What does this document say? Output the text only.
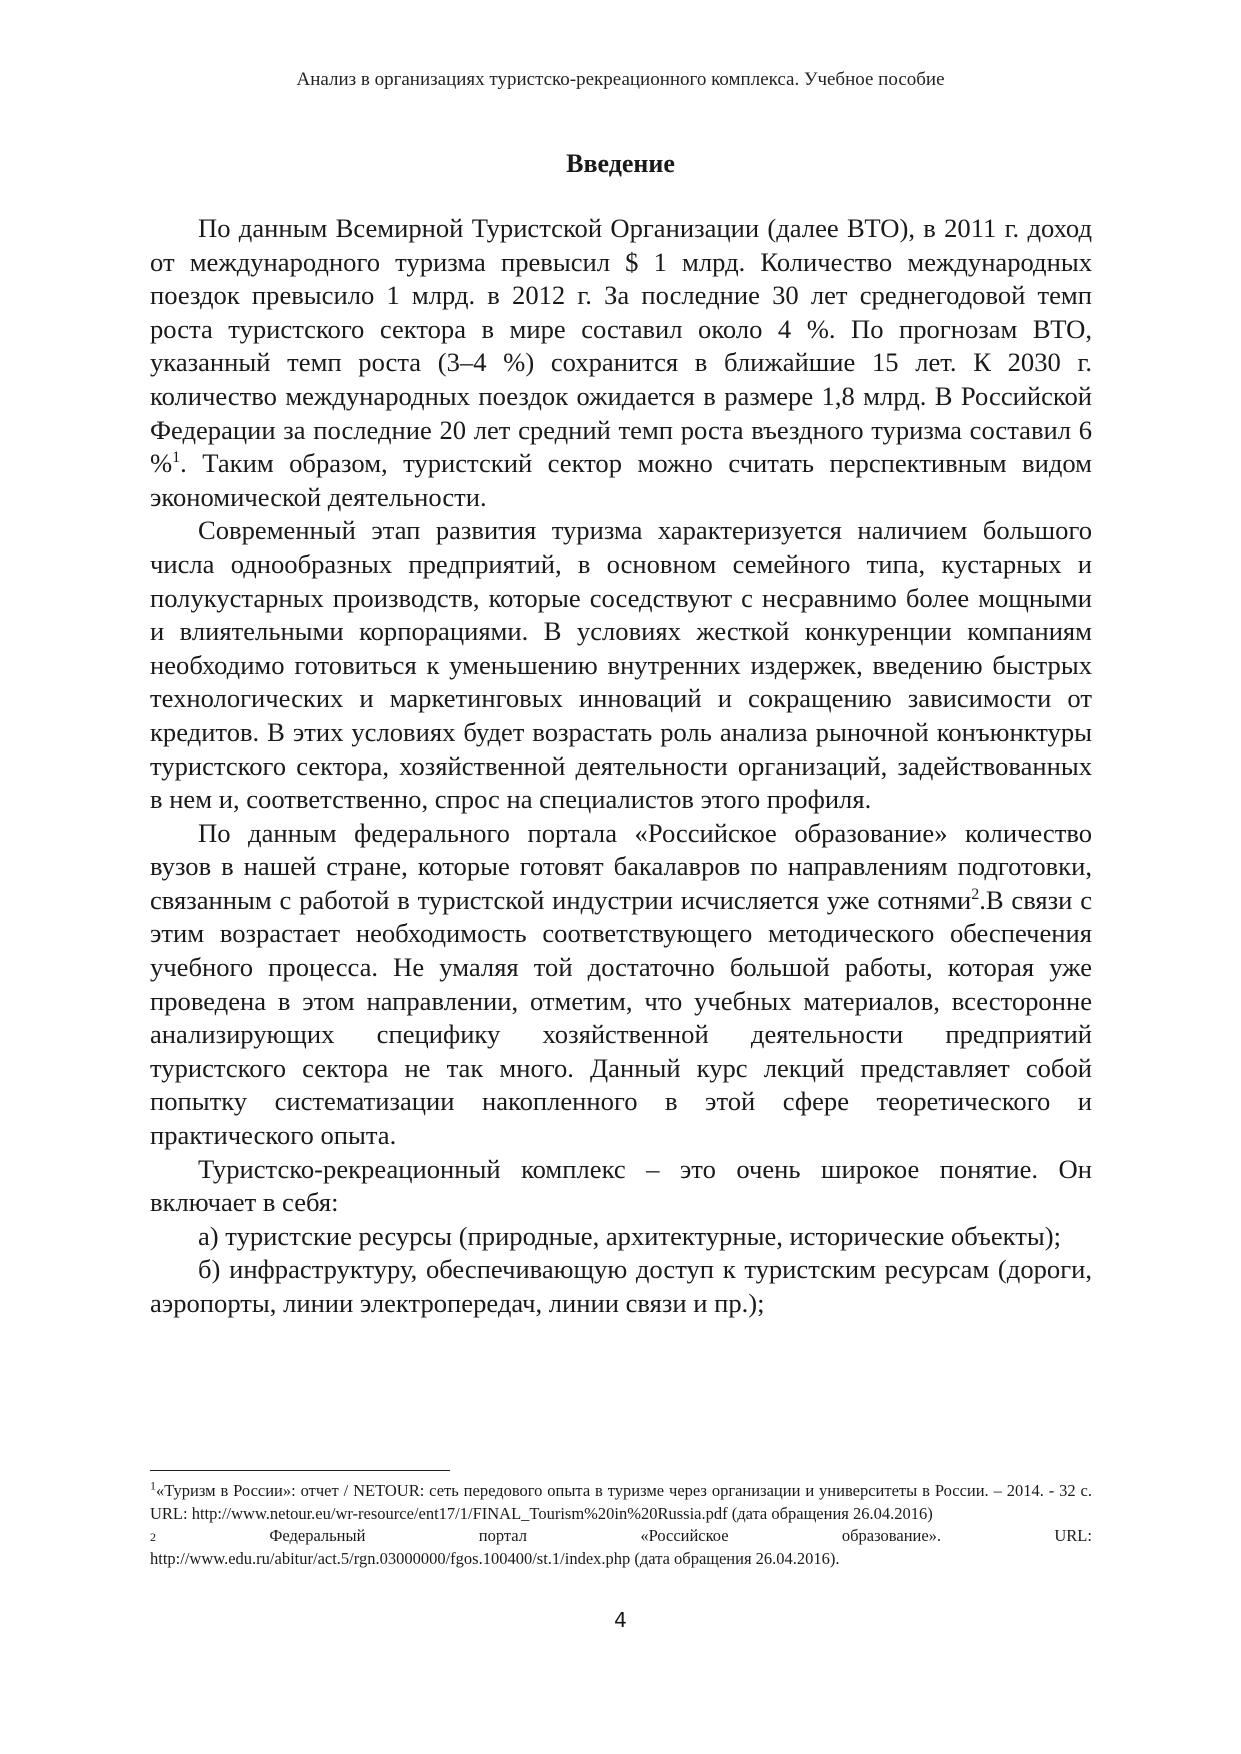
Анализ в организациях туристско-рекреационного комплекса. Учебное пособие
Введение

По данным Всемирной Туристской Организации (далее ВТО), в 2011 г. доход от международного туризма превысил $ 1 млрд. Количество международных поездок превысило 1 млрд. в 2012 г. За последние 30 лет среднегодовой темп роста туристского сектора в мире составил около 4 %. По прогнозам ВТО, указанный темп роста (3–4 %) сохранится в ближайшие 15 лет. К 2030 г. количество международных поездок ожидается в размере 1,8 млрд. В Российской Федерации за последние 20 лет средний темп роста въездного туризма составил 6 %$^1$. Таким образом, туристский сектор можно считать перспективным видом экономической деятельности.

Современный этап развития туризма характеризуется наличием большого числа однообразных предприятий, в основном семейного типа, кустарных и полукустарных производств, которые соседствуют с несравнимо более мощными и влиятельными корпорациями. В условиях жесткой конкуренции компаниям необходимо готовиться к уменьшению внутренних издержек, введению быстрых технологических и маркетинговых инноваций и сокращению зависимости от кредитов. В этих условиях будет возрастать роль анализа рыночной конъюнктуры туристского сектора, хозяйственной деятельности организаций, задействованных в нем и, соответственно, спрос на специалистов этого профиля.

По данным федерального портала «Российское образование» количество вузов в нашей стране, которые готовят бакалавров по направлениям подготовки, связанным с работой в туристской индустрии исчисляется уже сотнями$^2$.В связи с этим возрастает необходимость соответствующего методического обеспечения учебного процесса. Не умаляя той достаточно большой работы, которая уже проведена в этом направлении, отметим, что учебных материалов, всесторонне анализирующих специфику хозяйственной деятельности предприятий туристского сектора не так много. Данный курс лекций представляет собой попытку систематизации накопленного в этой сфере теоретического и практического опыта.

Туристско-рекреационный комплекс – это очень широкое понятие. Он включает в себя:

а) туристские ресурсы (природные, архитектурные, исторические объекты);

б) инфраструктуру, обеспечивающую доступ к туристским ресурсам (дороги, аэропорты, линии электропередач, линии связи и пр.);

$^1$«Туризм в России»: отчет / NETOUR: сеть передового опыта в туризме через организации и университеты в России. – 2014. - 32 с. URL: http://www.netour.eu/wr-resource/ent17/1/FINAL_Tourism%20in%20Russia.pdf (дата обращения 26.04.2016)

2	Федеральный	портал	«Российское	образование».	URL:

http://www.edu.ru/abitur/act.5/rgn.03000000/fgos.100400/st.1/index.php (дата обращения 26.04.2016).

4
